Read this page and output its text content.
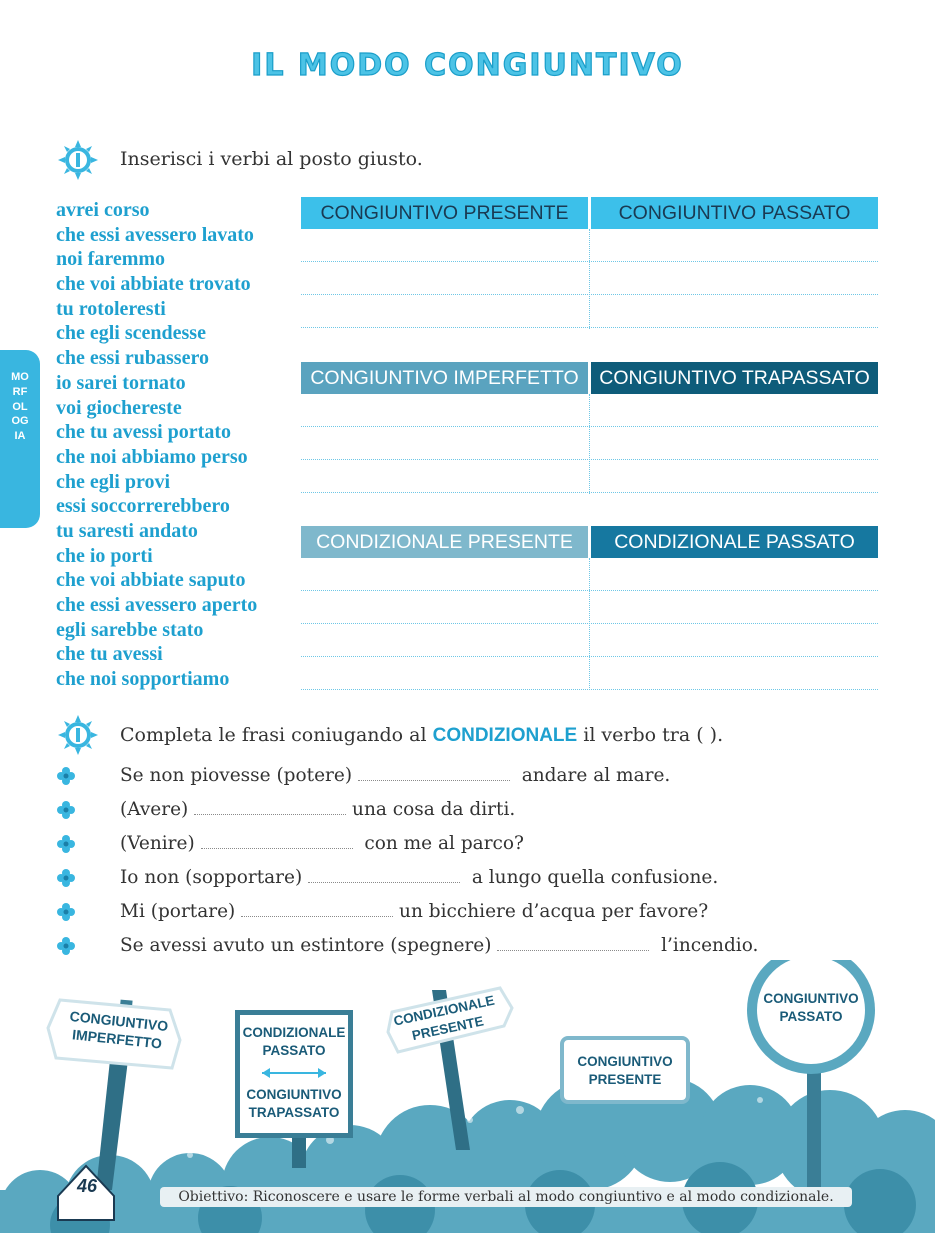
IL MODO CONGIUNTIVO
MORFOLOGIA
Inserisci i verbi al posto giusto.
avrei corso
che essi avessero lavato
noi faremmo
che voi abbiate trovato
tu rotoleresti
che egli scendesse
che essi rubassero
io sarei tornato
voi giochereste
che tu avessi portato
che noi abbiamo perso
che egli provi
essi soccorrerebbero
tu saresti andato
che io porti
che voi abbiate saputo
che essi avessero aperto
egli sarebbe stato
che tu avessi
che noi sopportiamo
CONGIUNTIVO PRESENTE	CONGIUNTIVO PASSATO
CONGIUNTIVO IMPERFETTO	CONGIUNTIVO TRAPASSATO
CONDIZIONALE PRESENTE	CONDIZIONALE PASSATO
Completa le frasi coniugando al CONDIZIONALE il verbo tra ( ).
Se non piovesse (potere)	andare al mare.
(Avere)	una cosa da dirti.
(Venire)	con me al parco?
Io non (sopportare)	a lungo quella confusione.
Mi (portare)	un bicchiere d’acqua per favore?
Se avessi avuto un estintore (spegnere)	l’incendio.
CONGIUNTIVO IMPERFETTO	CONDIZIONALE PASSATO
CONGIUNTIVO TRAPASSATO
CONDIZIONALE PRESENTE
CONGIUNTIVO PRESENTE
CONGIUNTIVO PASSATO
46
Obiettivo: Riconoscere e usare le forme verbali al modo congiuntivo e al modo condizionale.
